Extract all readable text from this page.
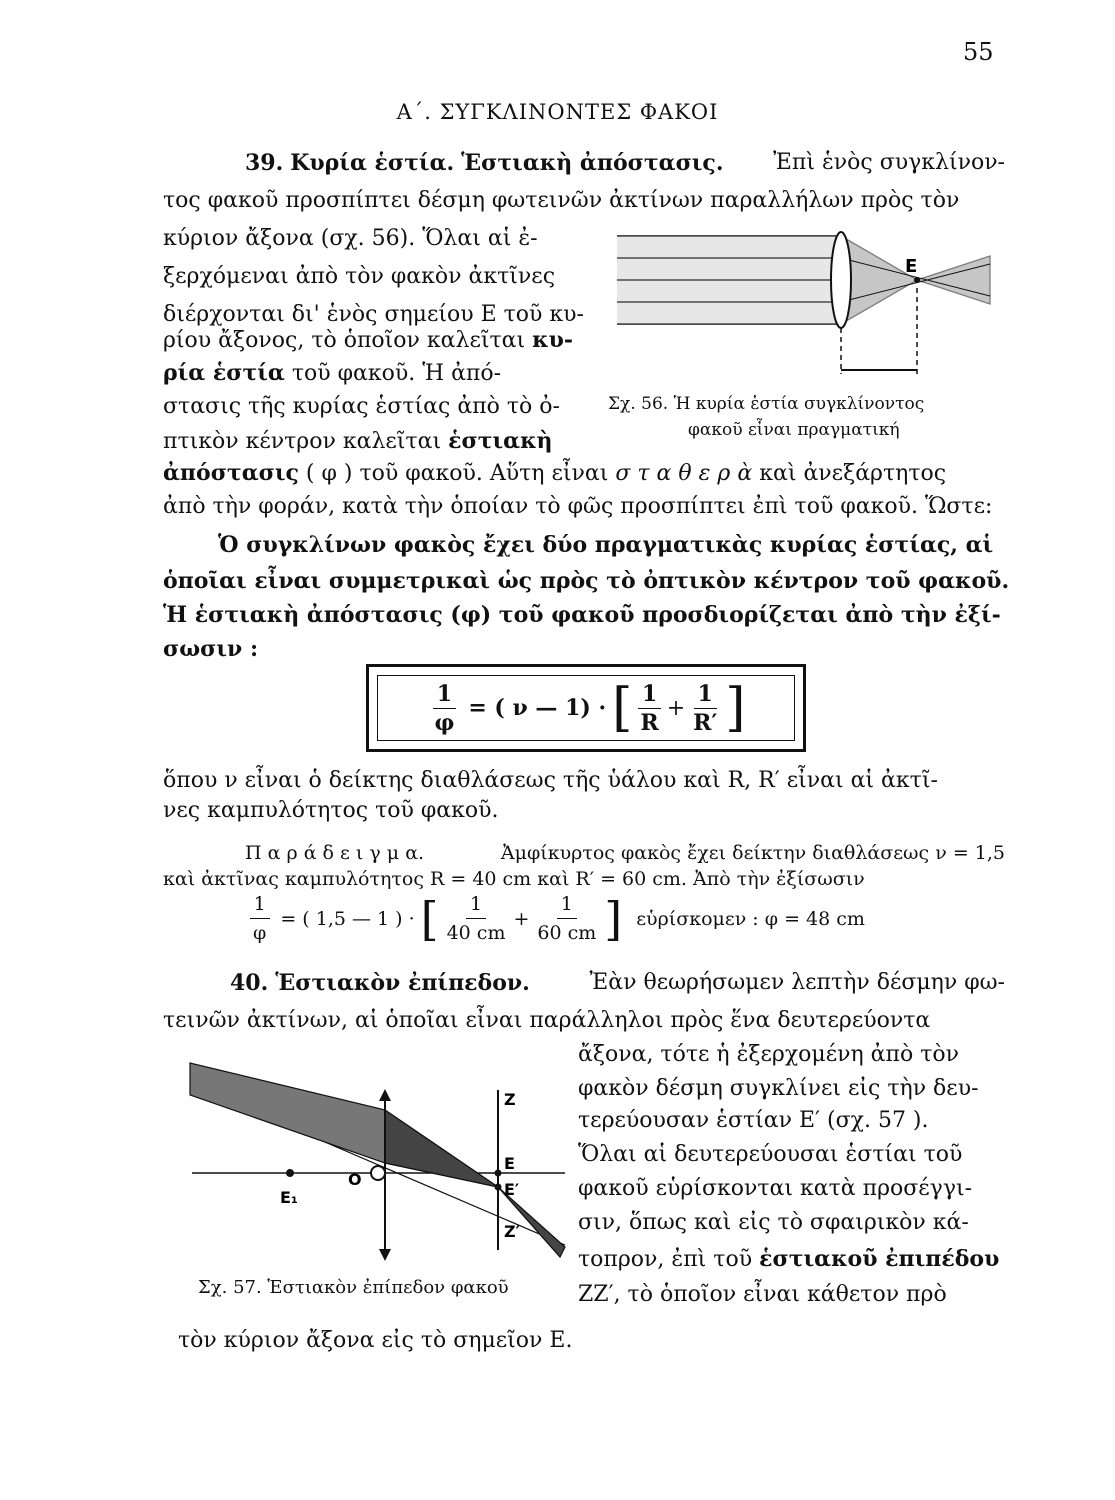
55
Α΄. ΣΥΓΚΛΙΝΟΝΤΕΣ ΦΑΚΟΙ
39. Κυρία ἑστία. Ἑστιακὴ ἀπόστασις. Ἐπὶ ἑνὸς συγκλίνον-
τος φακοῦ προσπίπτει δέσμη φωτεινῶν ἀκτίνων παραλλήλων πρὸς τὸν
κύριον ἄξονα (σχ. 56). Ὅλαι αἱ ἐ-
ξερχόμεναι ἀπὸ τὸν φακὸν ἀκτῖνες
διέρχονται δι' ἑνὸς σημείου Ε τοῦ κυ-
ρίου ἄξονος, τὸ ὁποῖον καλεῖται κυ-
ρία ἑστία τοῦ φακοῦ. Ἡ ἀπό-
στασις τῆς κυρίας ἑστίας ἀπὸ τὸ ὀ-
πτικὸν κέντρον καλεῖται ἑστιακὴ
ἀπόστασις ( φ ) τοῦ φακοῦ. Αὕτη εἶναι σ τ α θ ε ρ ὰ καὶ ἀνεξάρτητος
ἀπὸ τὴν φοράν, κατὰ τὴν ὁποίαν τὸ φῶς προσπίπτει ἐπὶ τοῦ φακοῦ. Ὥστε:
Ὁ συγκλίνων φακὸς ἔχει δύο πραγματικὰς κυρίας ἑστίας, αἱ
ὁποῖαι εἶναι συμμετρικαὶ ὡς πρὸς τὸ ὀπτικὸν κέντρον τοῦ φακοῦ.
Ἡ ἑστιακὴ ἀπόστασις (φ) τοῦ φακοῦ προσδιορίζεται ἀπὸ τὴν ἐξί-
σωσιν :
Ε
Σχ. 56. Ἡ κυρία ἑστία συγκλίνοντος
φακοῦ εἶναι πραγματική
$\frac{1}{\varphi}$ = ( ν — 1) · [ $\frac{1}{R} + \frac{1}{R'}$ ]
ὅπου ν εἶναι ὁ δείκτης διαθλάσεως τῆς ὑάλου καὶ R, R′ εἶναι αἱ ἀκτῖ-
νες καμπυλότητος τοῦ φακοῦ.
Π α ρ ά δ ε ι γ μ α.	Ἀμφίκυρτος φακὸς ἔχει δείκτην διαθλάσεως ν = 1,5
καὶ ἀκτῖνας καμπυλότητος R = 40 cm καὶ R′ = 60 cm. Ἀπὸ τὴν ἐξίσωσιν
$\frac{1}{\varphi}$ = ( 1,5 — 1 ) · [ $\frac{1}{40 cm} + \frac{1}{60 cm}$ ] εὑρίσκομεν : φ = 48 cm
40. Ἑστιακὸν ἐπίπεδον.	Ἐὰν θεωρήσωμεν λεπτὴν δέσμην φω-
τεινῶν ἀκτίνων, αἱ ὁποῖαι εἶναι παράλληλοι πρὸς ἕνα δευτερεύοντα
ἄξονα, τότε ἡ ἐξερχομένη ἀπὸ τὸν
φακὸν δέσμη συγκλίνει εἰς τὴν δευ-
τερεύουσαν ἑστίαν Ε′ (σχ. 57 ).
Ὅλαι αἱ δευτερεύουσαι ἑστίαι τοῦ
φακοῦ εὑρίσκονται κατὰ προσέγγι-
σιν, ὅπως καὶ εἰς τὸ σφαιρικὸν κά-
τοπρον, ἐπὶ τοῦ ἑστιακοῦ ἐπιπέδου
ΖΖ′, τὸ ὁποῖον εἶναι κάθετον πρὸ
τὸν κύριον ἄξονα εἰς τὸ σημεῖον Ε.
Ζ
Ε
Ε′
Ζ′
Ε₁
Ο
Σχ. 57. Ἑστιακὸν ἐπίπεδον φακοῦ
